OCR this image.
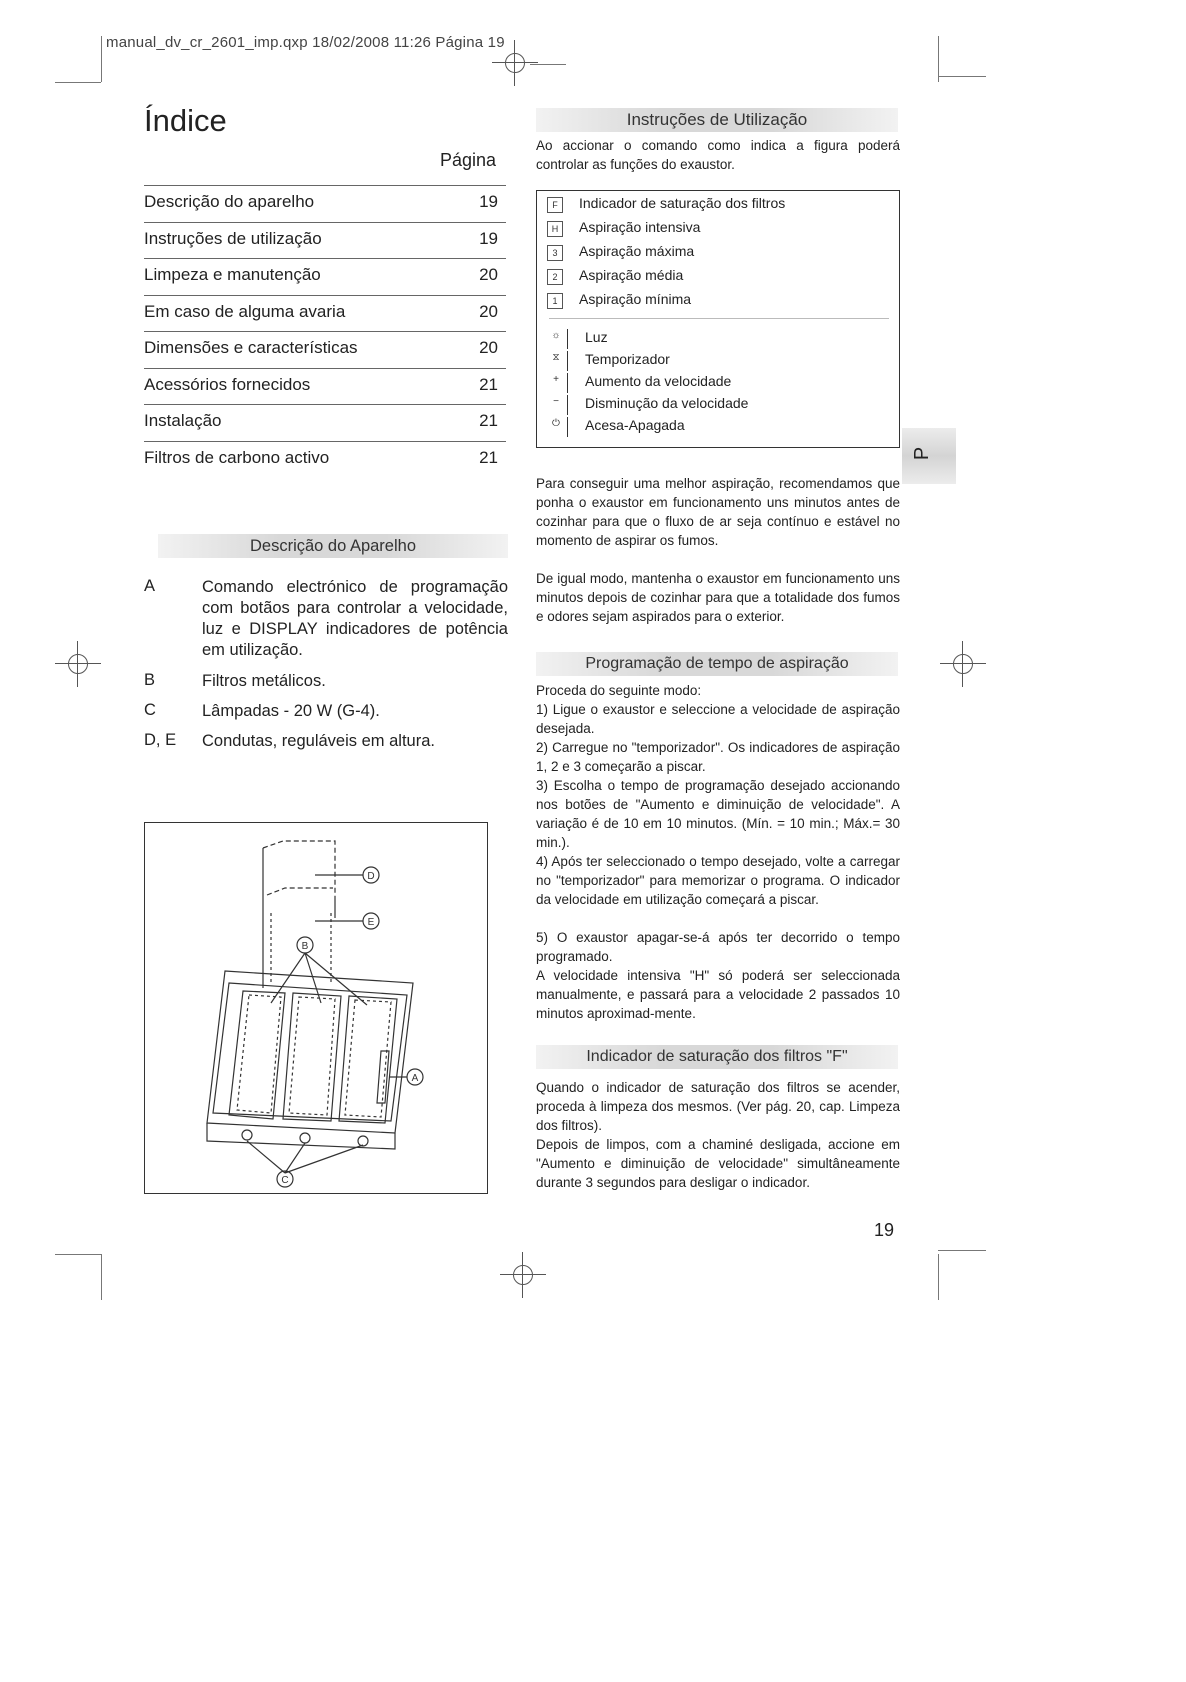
manual_dv_cr_2601_imp.qxp 18/02/2008 11:26 Página 19
Índice
Página
Descrição do aparelho	19
Instruções de utilização	19
Limpeza e manutenção	20
Em caso de alguma avaria	20
Dimensões e características	20
Acessórios fornecidos	21
Instalação	21
Filtros de carbono activo	21
Descrição do Aparelho
A	Comando electrónico de programação com botãos para controlar a velocidade, luz e DISPLAY indicadores de potência em utilização.
B	Filtros metálicos.
C	Lâmpadas - 20 W (G-4).
D, E	Condutas, reguláveis em altura.
D
E
B
C
A
Instruções de Utilização
Ao accionar o comando como indica a figura poderá controlar as funções do exaustor.
F	Indicador de saturação dos filtros
H	Aspiração intensiva
3	Aspiração máxima
2	Aspiração média
1	Aspiração mínima
☼ Luz
⧖ Temporizador
+ Aumento da velocidade
− Disminução da velocidade
⏻ Acesa-Apagada
P
Para conseguir uma melhor aspiração, recomendamos que ponha o exaustor em funcionamento uns minutos antes de cozinhar para que o fluxo de ar seja contínuo e estável no momento de aspirar os fumos.
De igual modo, mantenha o exaustor em funcionamento uns minutos depois de cozinhar para que a totalidade dos fumos e odores sejam aspirados para o exterior.
Programação de tempo de aspiração
Proceda do seguinte modo:
1) Ligue o exaustor e seleccione a velocidade de aspiração desejada.
2) Carregue no "temporizador". Os indicadores de aspiração 1, 2 e 3 começarão a piscar.
3) Escolha o tempo de programação desejado accionando nos botões de "Aumento e diminuição de velocidade". A variação é de 10 em 10 minutos. (Mín. = 10 min.; Máx.= 30 min.).
4) Após ter seleccionado o tempo desejado, volte a carregar no "temporizador" para memorizar o programa. O indicador da velocidade em utilização começará a piscar.
5) O exaustor apagar-se-á após ter decorrido o tempo programado.
A velocidade intensiva "H" só poderá ser seleccionada manualmente, e passará para a velocidade 2 passados 10 minutos aproximad-mente.
Indicador de saturação dos filtros "F"
Quando o indicador de saturação dos filtros se acender, proceda à limpeza dos mesmos. (Ver pág. 20, cap. Limpeza dos filtros).
Depois de limpos, com a chaminé desligada, accione em "Aumento e diminuição de velocidade" simultâneamente durante 3 segundos para desligar o indicador.
19
